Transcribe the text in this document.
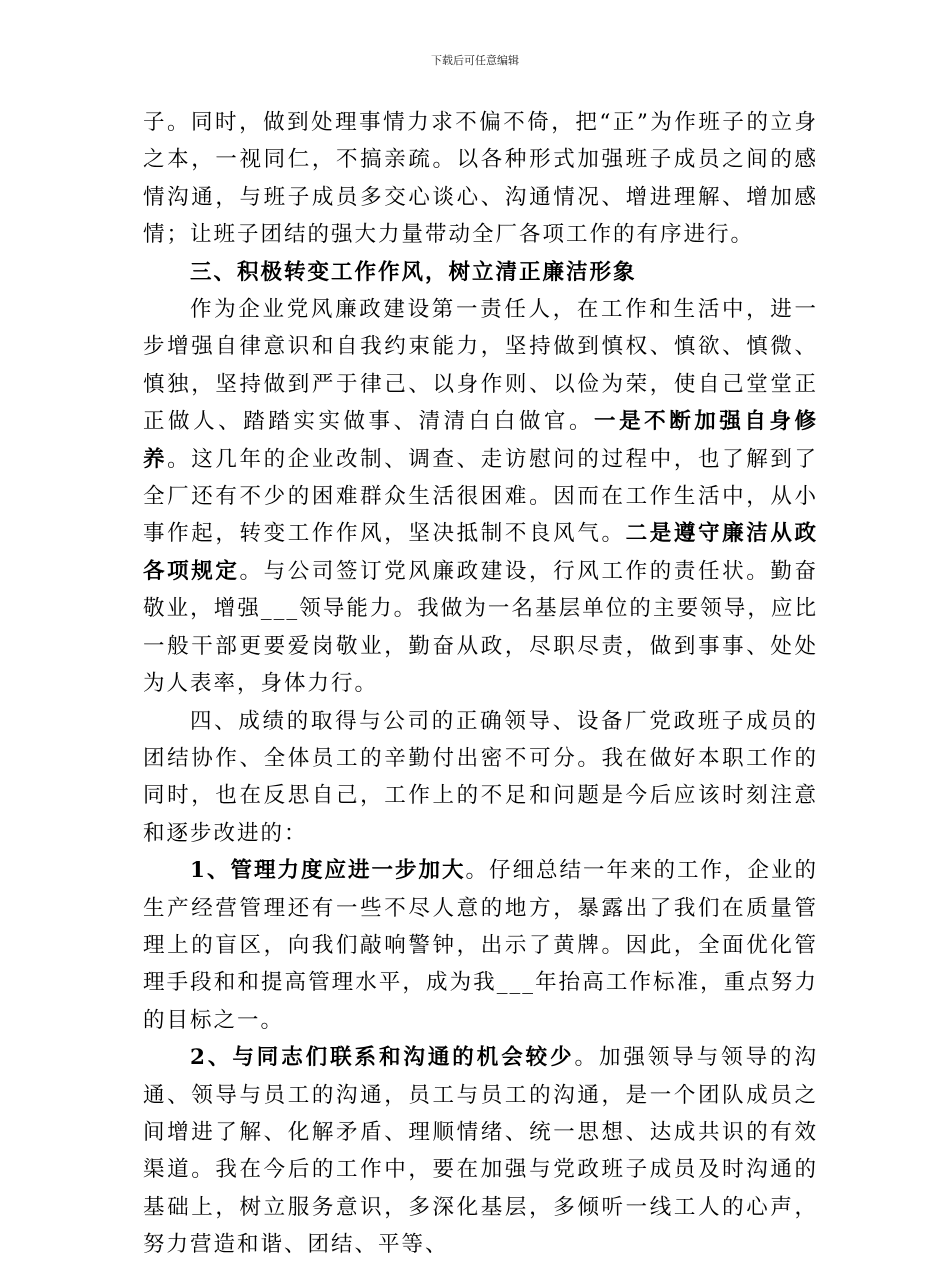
下载后可任意编辑

子。同时，做到处理事情力求不偏不倚，把“正”为作班子的立身之本，一视同仁，不搞亲疏。以各种形式加强班子成员之间的感情沟通，与班子成员多交心谈心、沟通情况、增进理解、增加感情；让班子团结的强大力量带动全厂各项工作的有序进行。

三、积极转变工作作风，树立清正廉洁形象

作为企业党风廉政建设第一责任人，在工作和生活中，进一步增强自律意识和自我约束能力，坚持做到慎权、慎欲、慎微、慎独，坚持做到严于律己、以身作则、以俭为荣，使自己堂堂正正做人、踏踏实实做事、清清白白做官。一是不断加强自身修养。这几年的企业改制、调查、走访慰问的过程中，也了解到了全厂还有不少的困难群众生活很困难。因而在工作生活中，从小事作起，转变工作作风，坚决抵制不良风气。二是遵守廉洁从政各项规定。与公司签订党风廉政建设，行风工作的责任状。勤奋敬业，增强___领导能力。我做为一名基层单位的主要领导，应比一般干部更要爱岗敬业，勤奋从政，尽职尽责，做到事事、处处为人表率，身体力行。

四、成绩的取得与公司的正确领导、设备厂党政班子成员的团结协作、全体员工的辛勤付出密不可分。我在做好本职工作的同时，也在反思自己，工作上的不足和问题是今后应该时刻注意和逐步改进的：

1、管理力度应进一步加大。仔细总结一年来的工作，企业的生产经营管理还有一些不尽人意的地方，暴露出了我们在质量管理上的盲区，向我们敲响警钟，出示了黄牌。因此，全面优化管理手段和和提高管理水平，成为我___年抬高工作标准，重点努力的目标之一。

2、与同志们联系和沟通的机会较少。加强领导与领导的沟通、领导与员工的沟通，员工与员工的沟通，是一个团队成员之间增进了解、化解矛盾、理顺情绪、统一思想、达成共识的有效渠道。我在今后的工作中，要在加强与党政班子成员及时沟通的基础上，树立服务意识，多深化基层，多倾听一线工人的心声，努力营造和谐、团结、平等、
